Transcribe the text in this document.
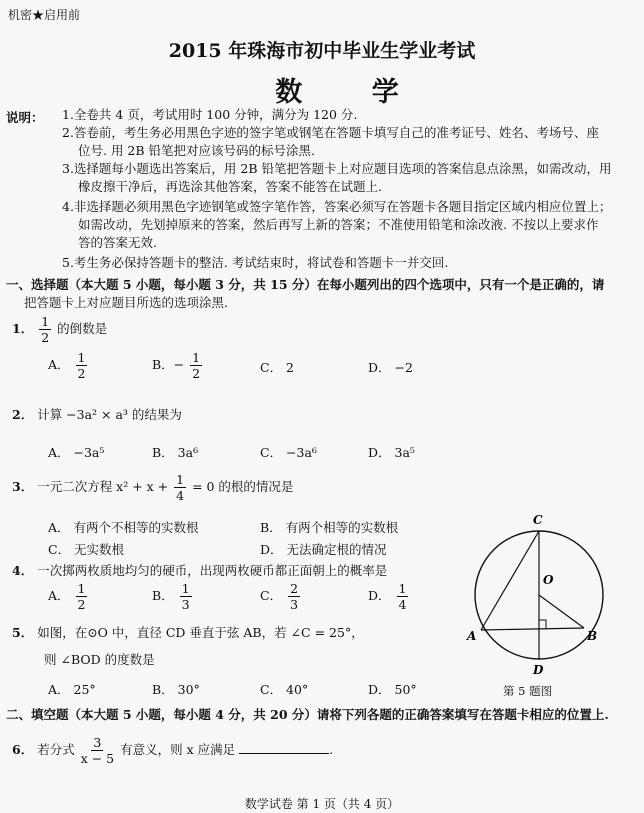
机密★启用前
2015 年珠海市初中毕业生学业考试
数 学
说明： 1.全卷共 4 页，考试用时 100 分钟，满分为 120 分.
2.答卷前，考生务必用黑色字迹的签字笔或钢笔在答题卡填写自己的准考证号、姓名、考场号、座
位号. 用 2B 铅笔把对应该号码的标号涂黑.
3.选择题每小题选出答案后，用 2B 铅笔把答题卡上对应题目选项的答案信息点涂黑，如需改动，用
橡皮擦干净后，再选涂其他答案，答案不能答在试题上.
4.非选择题必须用黑色字迹钢笔或签字笔作答，答案必须写在答题卡各题目指定区域内相应位置上；
如需改动，先划掉原来的答案，然后再写上新的答案；不准使用铅笔和涂改液. 不按以上要求作
答的答案无效.
5.考生务必保持答题卡的整洁. 考试结束时，将试卷和答题卡一并交回.
一、选择题（本大题 5 小题，每小题 3 分，共 15 分）在每小题列出的四个选项中，只有一个是正确的，请
把答题卡上对应题目所选的选项涂黑.
1． $\frac{1}{2}$ 的倒数是
A． $\frac{1}{2}$	B．− $\frac{1}{2}$	C． 2	D． −2
2． 计算 −3a² × a³ 的结果为
A． −3a⁵	B． 3a⁶	C． −3a⁶	D． 3a⁵
3． 一元二次方程 $x^2 + x + \frac{1}{4} = 0$ 的根的情况是
A． 有两个不相等的实数根	B． 有两个相等的实数根
C． 无实数根	D． 无法确定根的情况
4． 一次掷两枚质地均匀的硬币，出现两枚硬币都正面朝上的概率是
A． $\frac{1}{2}$	B． $\frac{1}{3}$	C． $\frac{2}{3}$	D． $\frac{1}{4}$
5． 如图，在⊙O 中，直径 CD 垂直于弦 AB，若 ∠C = 25°，
则 ∠BOD 的度数是
A． 25°	B． 30°	C． 40°	D． 50°
C
O
A	B
D
第 5 题图
二、填空题（本大题 5 小题，每小题 4 分，共 20 分）请将下列各题的正确答案填写在答题卡相应的位置上.
6． 若分式 $\frac{3}{x - 5}$ 有意义，则 x 应满足	.
数学试卷 第 1 页（共 4 页）
